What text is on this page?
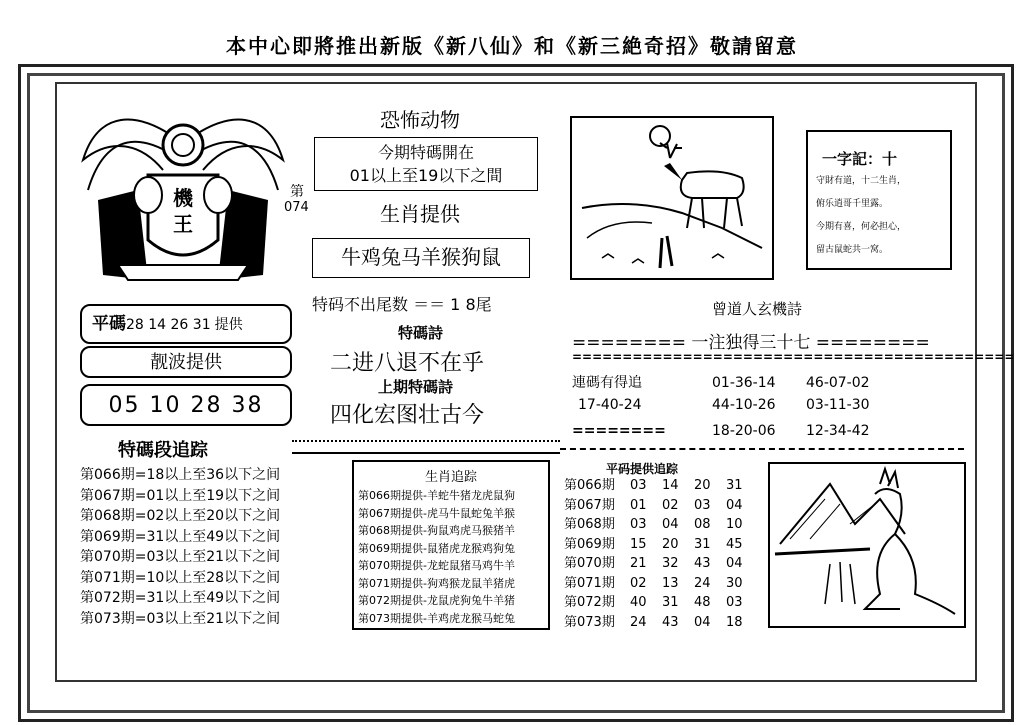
本中心即將推出新版《新八仙》和《新三絶奇招》敬請留意
機
王
第
074
恐怖动物
今期特碼開在
01以上至19以下之間
生肖提供
牛鸡兔马羊猴狗鼠
特码不出尾数 ＝＝ 1 8尾
特碼詩
二进八退不在乎
上期特碼詩
四化宏图壮古今
平碼28 14 26 31 提供
靓波提供
05 10 28 38
一字記：十
守財有道，十二生肖，
俯乐逍哥千里露。
今期有喜，何必担心，
留古鼠蛇共一窝。
曾道人玄機詩
======== 一注独得三十七 ========
============================================
連碼有得追	01-36-14 46-07-02
17-40-24	44-10-26 03-11-30
========	18-20-06 12-34-42
特碼段追踪
第066期=18以上至36以下之间
第067期=01以上至19以下之间
第068期=02以上至20以下之间
第069期=31以上至49以下之间
第070期=03以上至21以下之间
第071期=10以上至28以下之间
第072期=31以上至49以下之间
第073期=03以上至21以下之间
生肖追踪
第066期提供-羊蛇牛猪龙虎鼠狗
第067期提供-虎马牛鼠蛇兔羊猴
第068期提供-狗鼠鸡虎马猴猪羊
第069期提供-鼠猪虎龙猴鸡狗兔
第070期提供-龙蛇鼠猪马鸡牛羊
第071期提供-狗鸡猴龙鼠羊猪虎
第072期提供-龙鼠虎狗兔牛羊猪
第073期提供-羊鸡虎龙猴马蛇兔
平码提供追踪
第066期 03 14 20 31
第067期 01 02 03 04
第068期 03 04 08 10
第069期 15 20 31 45
第070期 21 32 43 04
第071期 02 13 24 30
第072期 40 31 48 03
第073期 24 43 04 18
